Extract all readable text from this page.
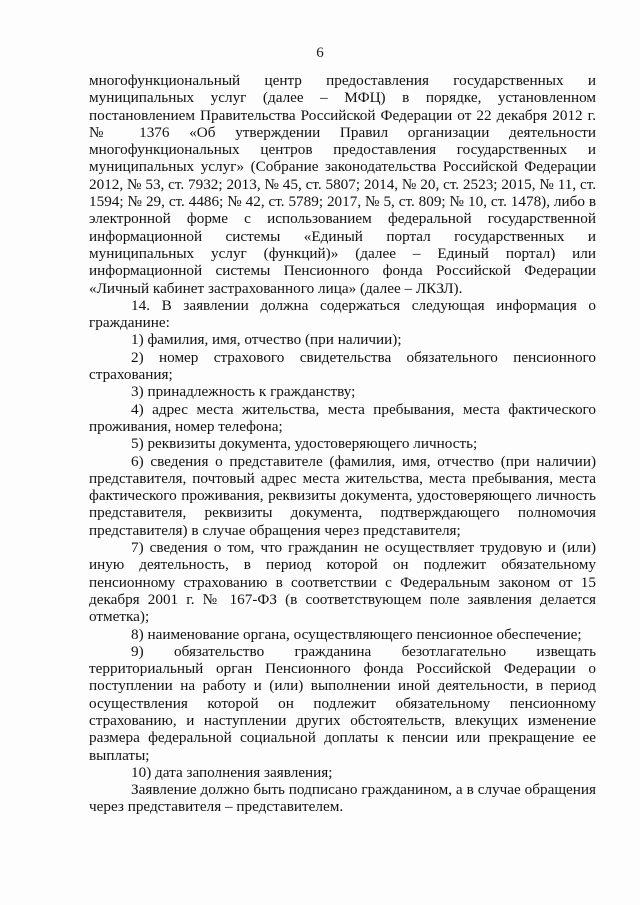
6

многофункциональный центр предоставления государственных и муниципальных услуг (далее – МФЦ) в порядке, установленном постановлением Правительства Российской Федерации от 22 декабря 2012 г. № 1376 «Об утверждении Правил организации деятельности многофункциональных центров предоставления государственных и муниципальных услуг» (Собрание законодательства Российской Федерации 2012, № 53, ст. 7932; 2013, № 45, ст. 5807; 2014, № 20, ст. 2523; 2015, № 11, ст. 1594; № 29, ст. 4486; № 42, ст. 5789; 2017, № 5, ст. 809; № 10, ст. 1478), либо в электронной форме с использованием федеральной государственной информационной системы «Единый портал государственных и муниципальных услуг (функций)» (далее – Единый портал) или информационной системы Пенсионного фонда Российской Федерации «Личный кабинет застрахованного лица» (далее – ЛКЗЛ).

14. В заявлении должна содержаться следующая информация о гражданине:

1) фамилия, имя, отчество (при наличии);

2) номер страхового свидетельства обязательного пенсионного страхования;

3) принадлежность к гражданству;

4) адрес места жительства, места пребывания, места фактического проживания, номер телефона;

5) реквизиты документа, удостоверяющего личность;

6) сведения о представителе (фамилия, имя, отчество (при наличии) представителя, почтовый адрес места жительства, места пребывания, места фактического проживания, реквизиты документа, удостоверяющего личность представителя, реквизиты документа, подтверждающего полномочия представителя) в случае обращения через представителя;

7) сведения о том, что гражданин не осуществляет трудовую и (или) иную деятельность, в период которой он подлежит обязательному пенсионному страхованию в соответствии с Федеральным законом от 15 декабря 2001 г. № 167-ФЗ (в соответствующем поле заявления делается отметка);

8) наименование органа, осуществляющего пенсионное обеспечение;

9) обязательство гражданина безотлагательно извещать территориальный орган Пенсионного фонда Российской Федерации о поступлении на работу и (или) выполнении иной деятельности, в период осуществления которой он подлежит обязательному пенсионному страхованию, и наступлении других обстоятельств, влекущих изменение размера федеральной социальной доплаты к пенсии или прекращение ее выплаты;

10) дата заполнения заявления;

Заявление должно быть подписано гражданином, а в случае обращения через представителя – представителем.
